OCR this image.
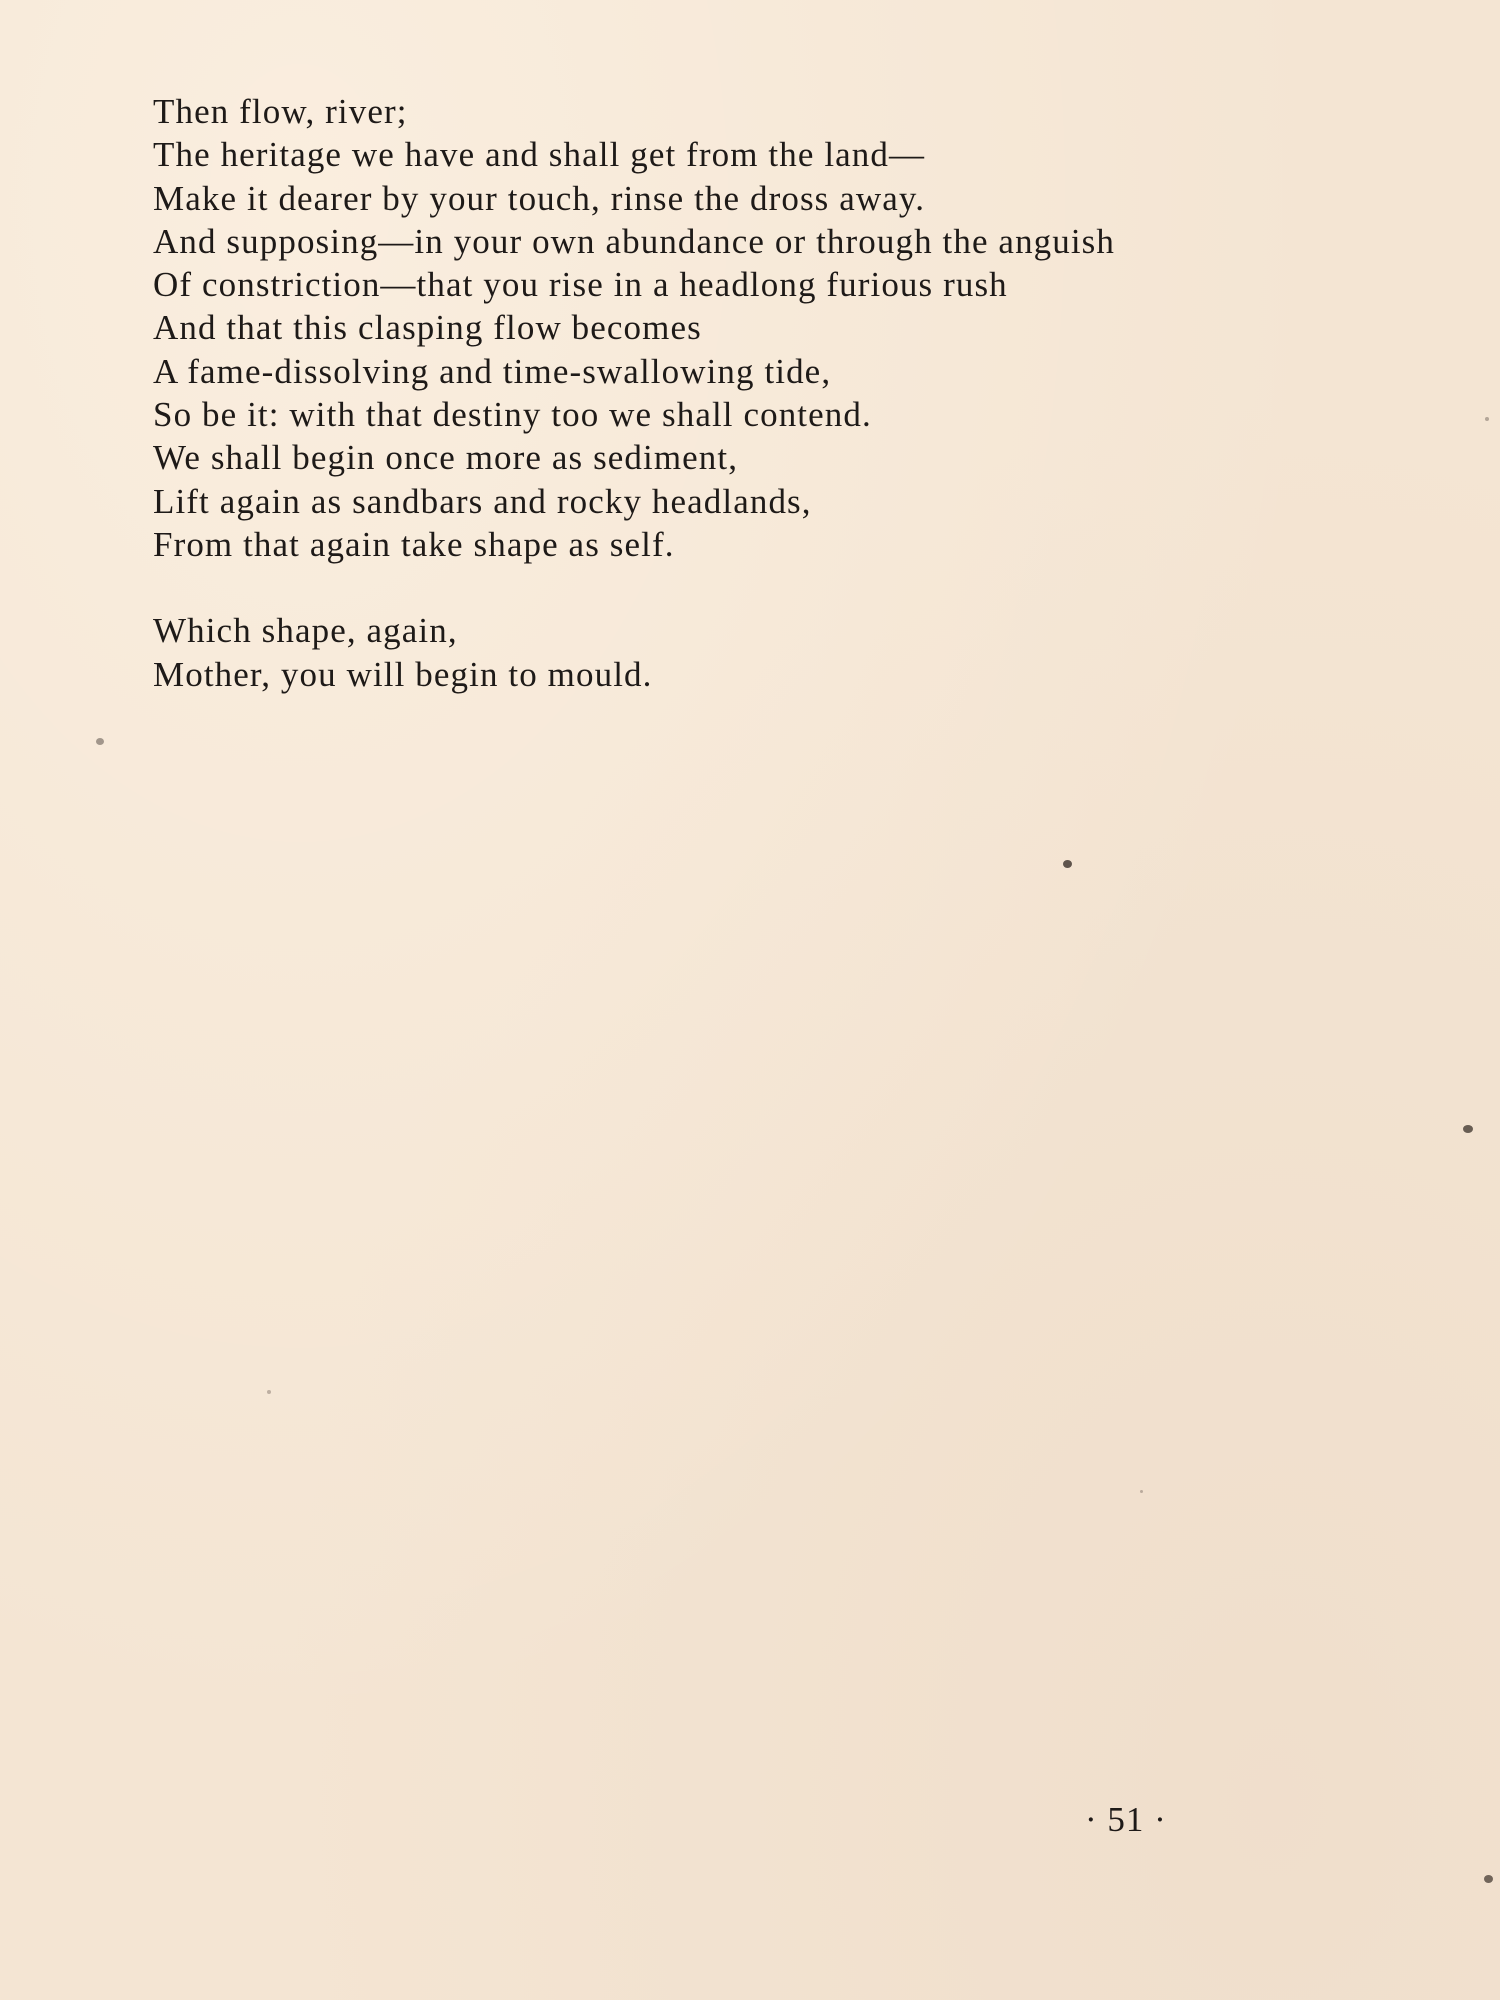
Then flow, river;
The heritage we have and shall get from the land—
Make it dearer by your touch, rinse the dross away.
And supposing—in your own abundance or through the anguish
Of constriction—that you rise in a headlong furious rush
And that this clasping flow becomes
A fame-dissolving and time-swallowing tide,
So be it: with that destiny too we shall contend.
We shall begin once more as sediment,
Lift again as sandbars and rocky headlands,
From that again take shape as self.
Which shape, again,
Mother, you will begin to mould.
· 51 ·
